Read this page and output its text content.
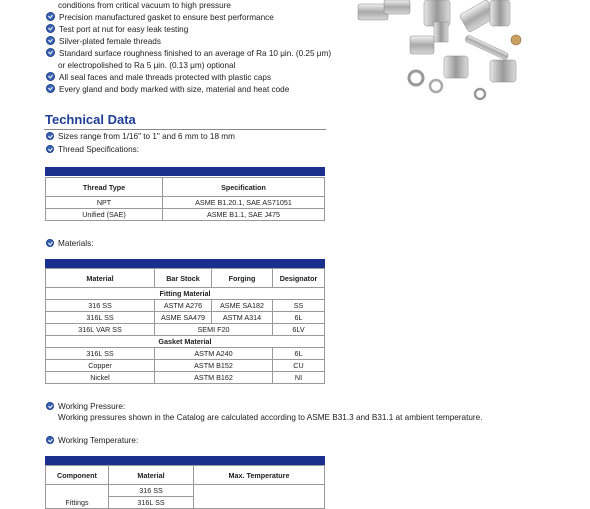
conditions from critical vacuum to high pressure
Precision manufactured gasket to ensure best performance
Test port at nut for easy leak testing
Silver-plated female threads
Standard surface roughness finished to an average of Ra 10 μin. (0.25 μm)
or electropolished to Ra 5 μin. (0.13 μm) optional
All seal faces and male threads protected with plastic caps
Every gland and body marked with size, material and heat code
Technical Data
Sizes range from 1/16" to 1" and 6 mm to 18 mm
Thread Specifications:
Thread Type	Specification
NPT	ASME B1.20.1, SAE AS71051
Unified (SAE)	ASME B1.1, SAE J475
Materials:
Material	Bar Stock	Forging	Designator
Fitting Material			
316 SS	ASTM A276	ASME SA182	SS
316L SS	ASME SA479	ASTM A314	6L
316L VAR SS	SEMI F20		6LV
Gasket Material			
316L SS	ASTM A240		6L
Copper	ASTM B152		CU
Nickel	ASTM B162		NI
Working Pressure:
Working pressures shown in the Catalog are calculated according to ASME B31.3 and B31.1 at ambient temperature.
Working Temperature:
Component	Material	Max. Temperature
Fittings	316 SS	
	316L SS	
